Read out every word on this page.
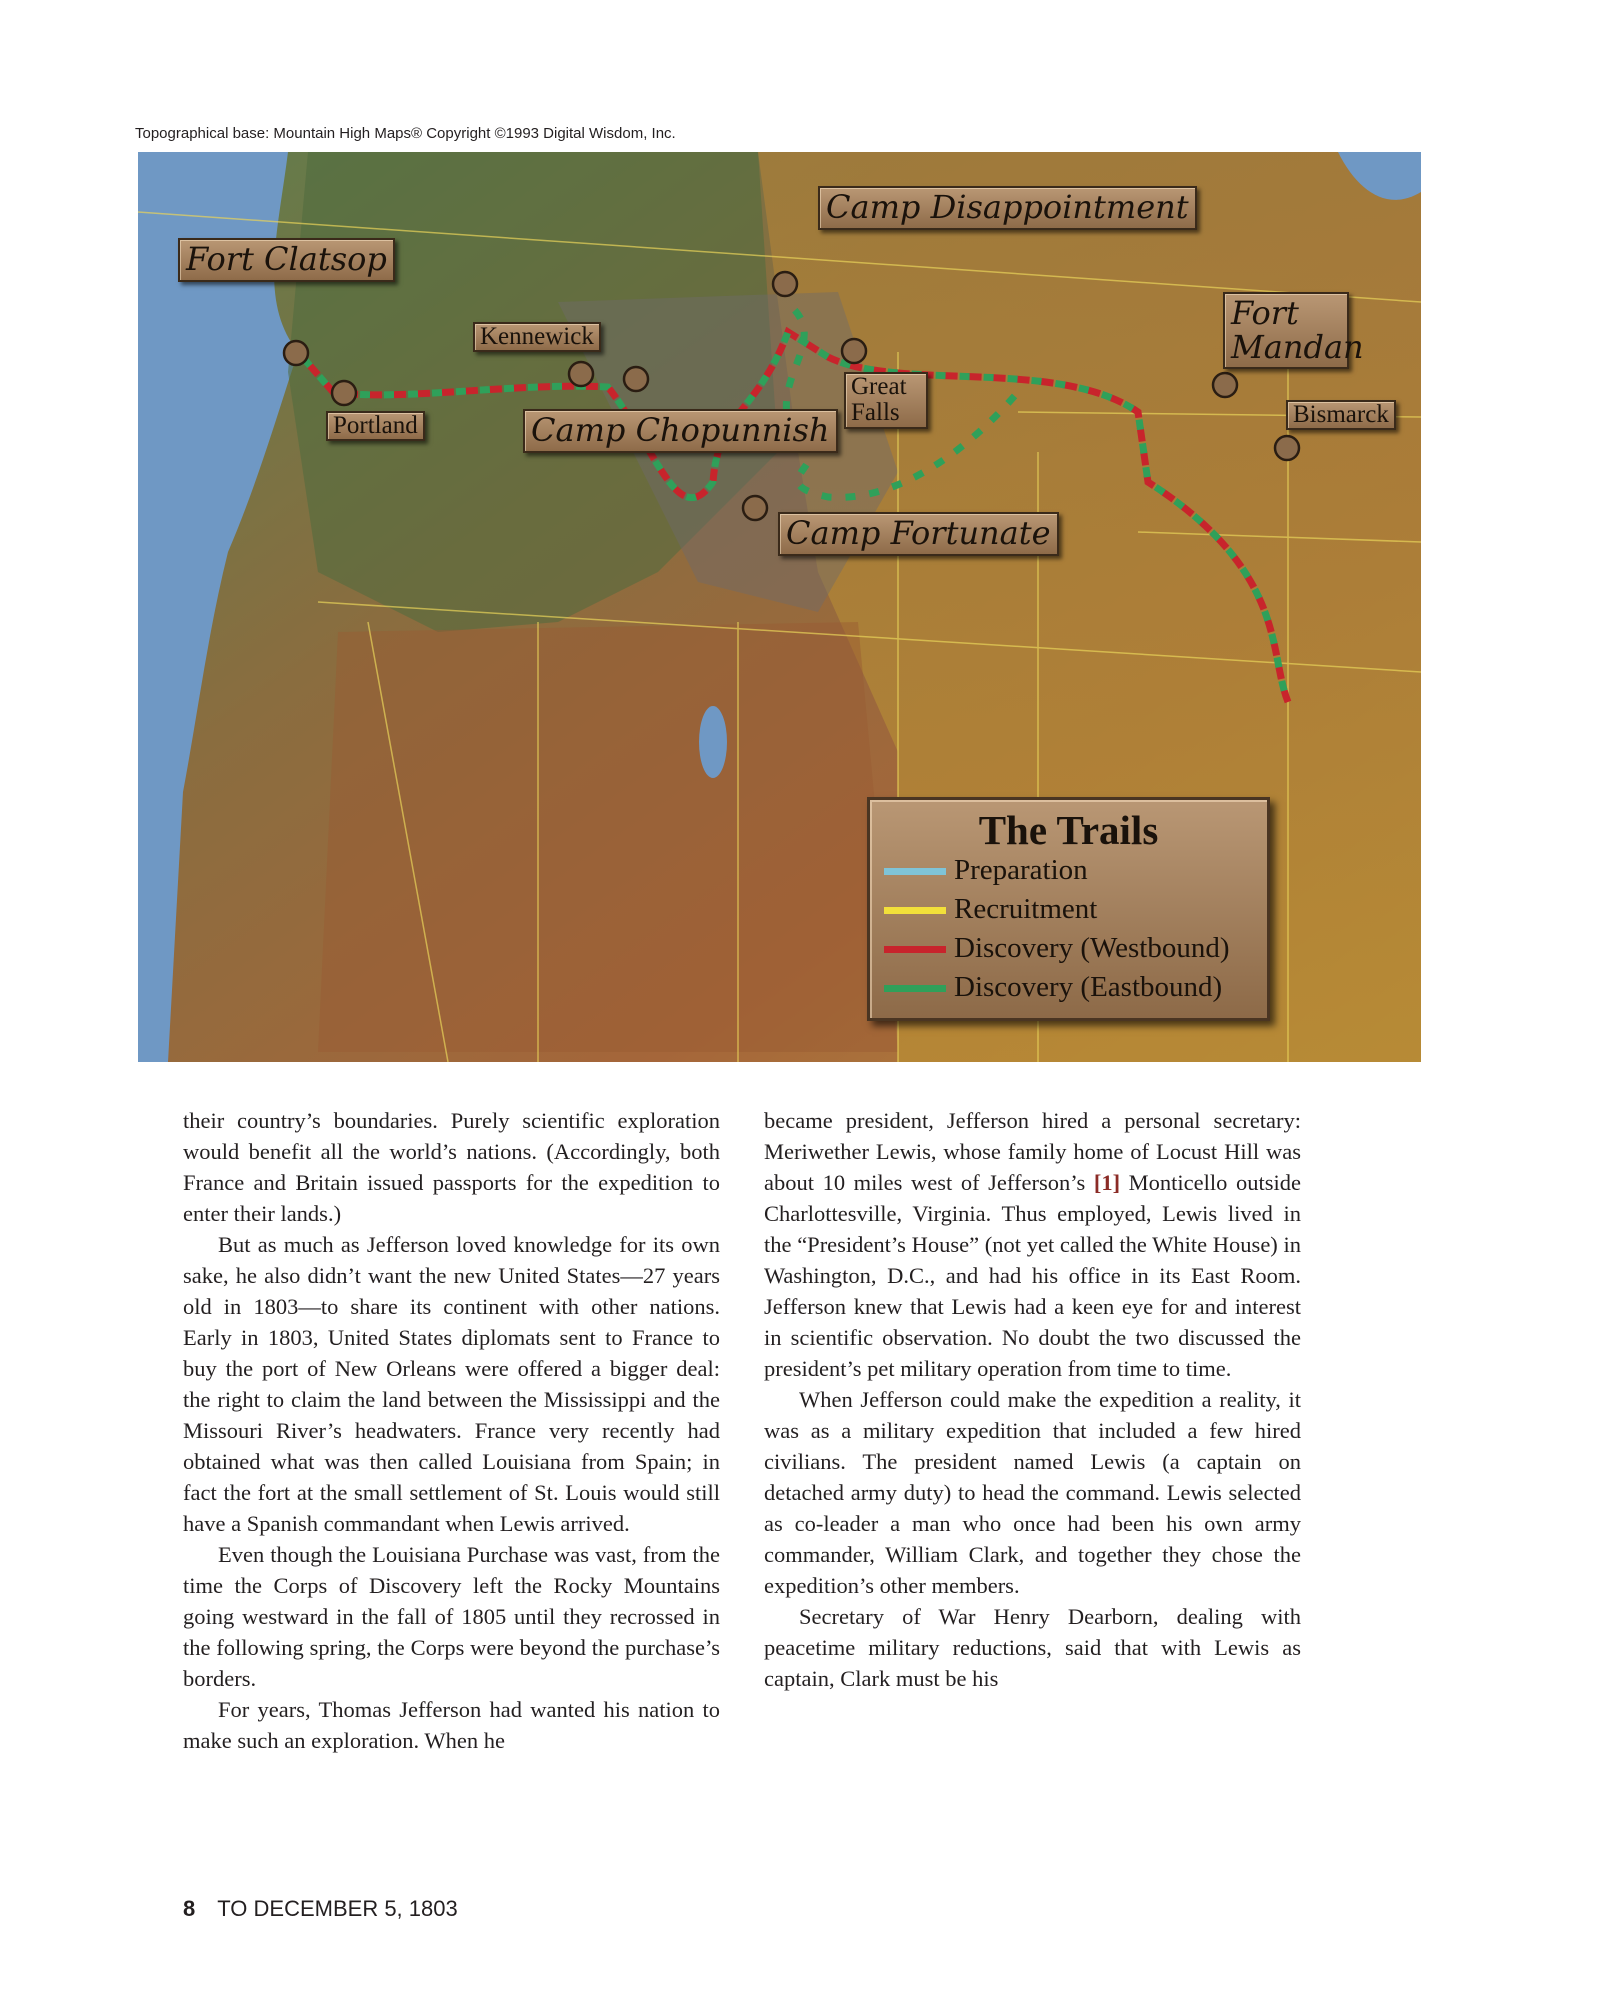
Topographical base: Mountain High Maps® Copyright ©1993 Digital Wisdom, Inc.
Fort Clatsop
Kennewick
Portland	Camp Chopunnish
Camp Disappointment
Great Falls
Camp Fortunate
Fort Mandan
Bismarck
The Trails
Preparation
Recruitment
Discovery (Westbound)
Discovery (Eastbound)

their country’s boundaries. Purely scientific exploration would benefit all the world’s nations. (Accordingly, both France and Britain issued passports for the expedition to enter their lands.)

But as much as Jefferson loved knowledge for its own sake, he also didn’t want the new United States—27 years old in 1803—to share its continent with other nations. Early in 1803, United States diplomats sent to France to buy the port of New Orleans were offered a bigger deal: the right to claim the land between the Mississippi and the Missouri River’s headwaters. France very recently had obtained what was then called Louisiana from Spain; in fact the fort at the small settlement of St. Louis would still have a Spanish commandant when Lewis arrived.

Even though the Louisiana Purchase was vast, from the time the Corps of Discovery left the Rocky Mountains going westward in the fall of 1805 until they recrossed in the following spring, the Corps were beyond the purchase’s borders.

For years, Thomas Jefferson had wanted his nation to make such an exploration. When he

became president, Jefferson hired a personal secretary: Meriwether Lewis, whose family home of Locust Hill was about 10 miles west of Jefferson’s [1] Monticello outside Charlottesville, Virginia. Thus employed, Lewis lived in the “President’s House” (not yet called the White House) in Washington, D.C., and had his office in its East Room. Jefferson knew that Lewis had a keen eye for and interest in scientific observation. No doubt the two discussed the president’s pet military operation from time to time.

When Jefferson could make the expedition a reality, it was as a military expedition that included a few hired civilians. The president named Lewis (a captain on detached army duty) to head the command. Lewis selected as co-leader a man who once had been his own army commander, William Clark, and together they chose the expedition’s other members.

Secretary of War Henry Dearborn, dealing with peacetime military reductions, said that with Lewis as captain, Clark must be his

8 TO DECEMBER 5, 1803
